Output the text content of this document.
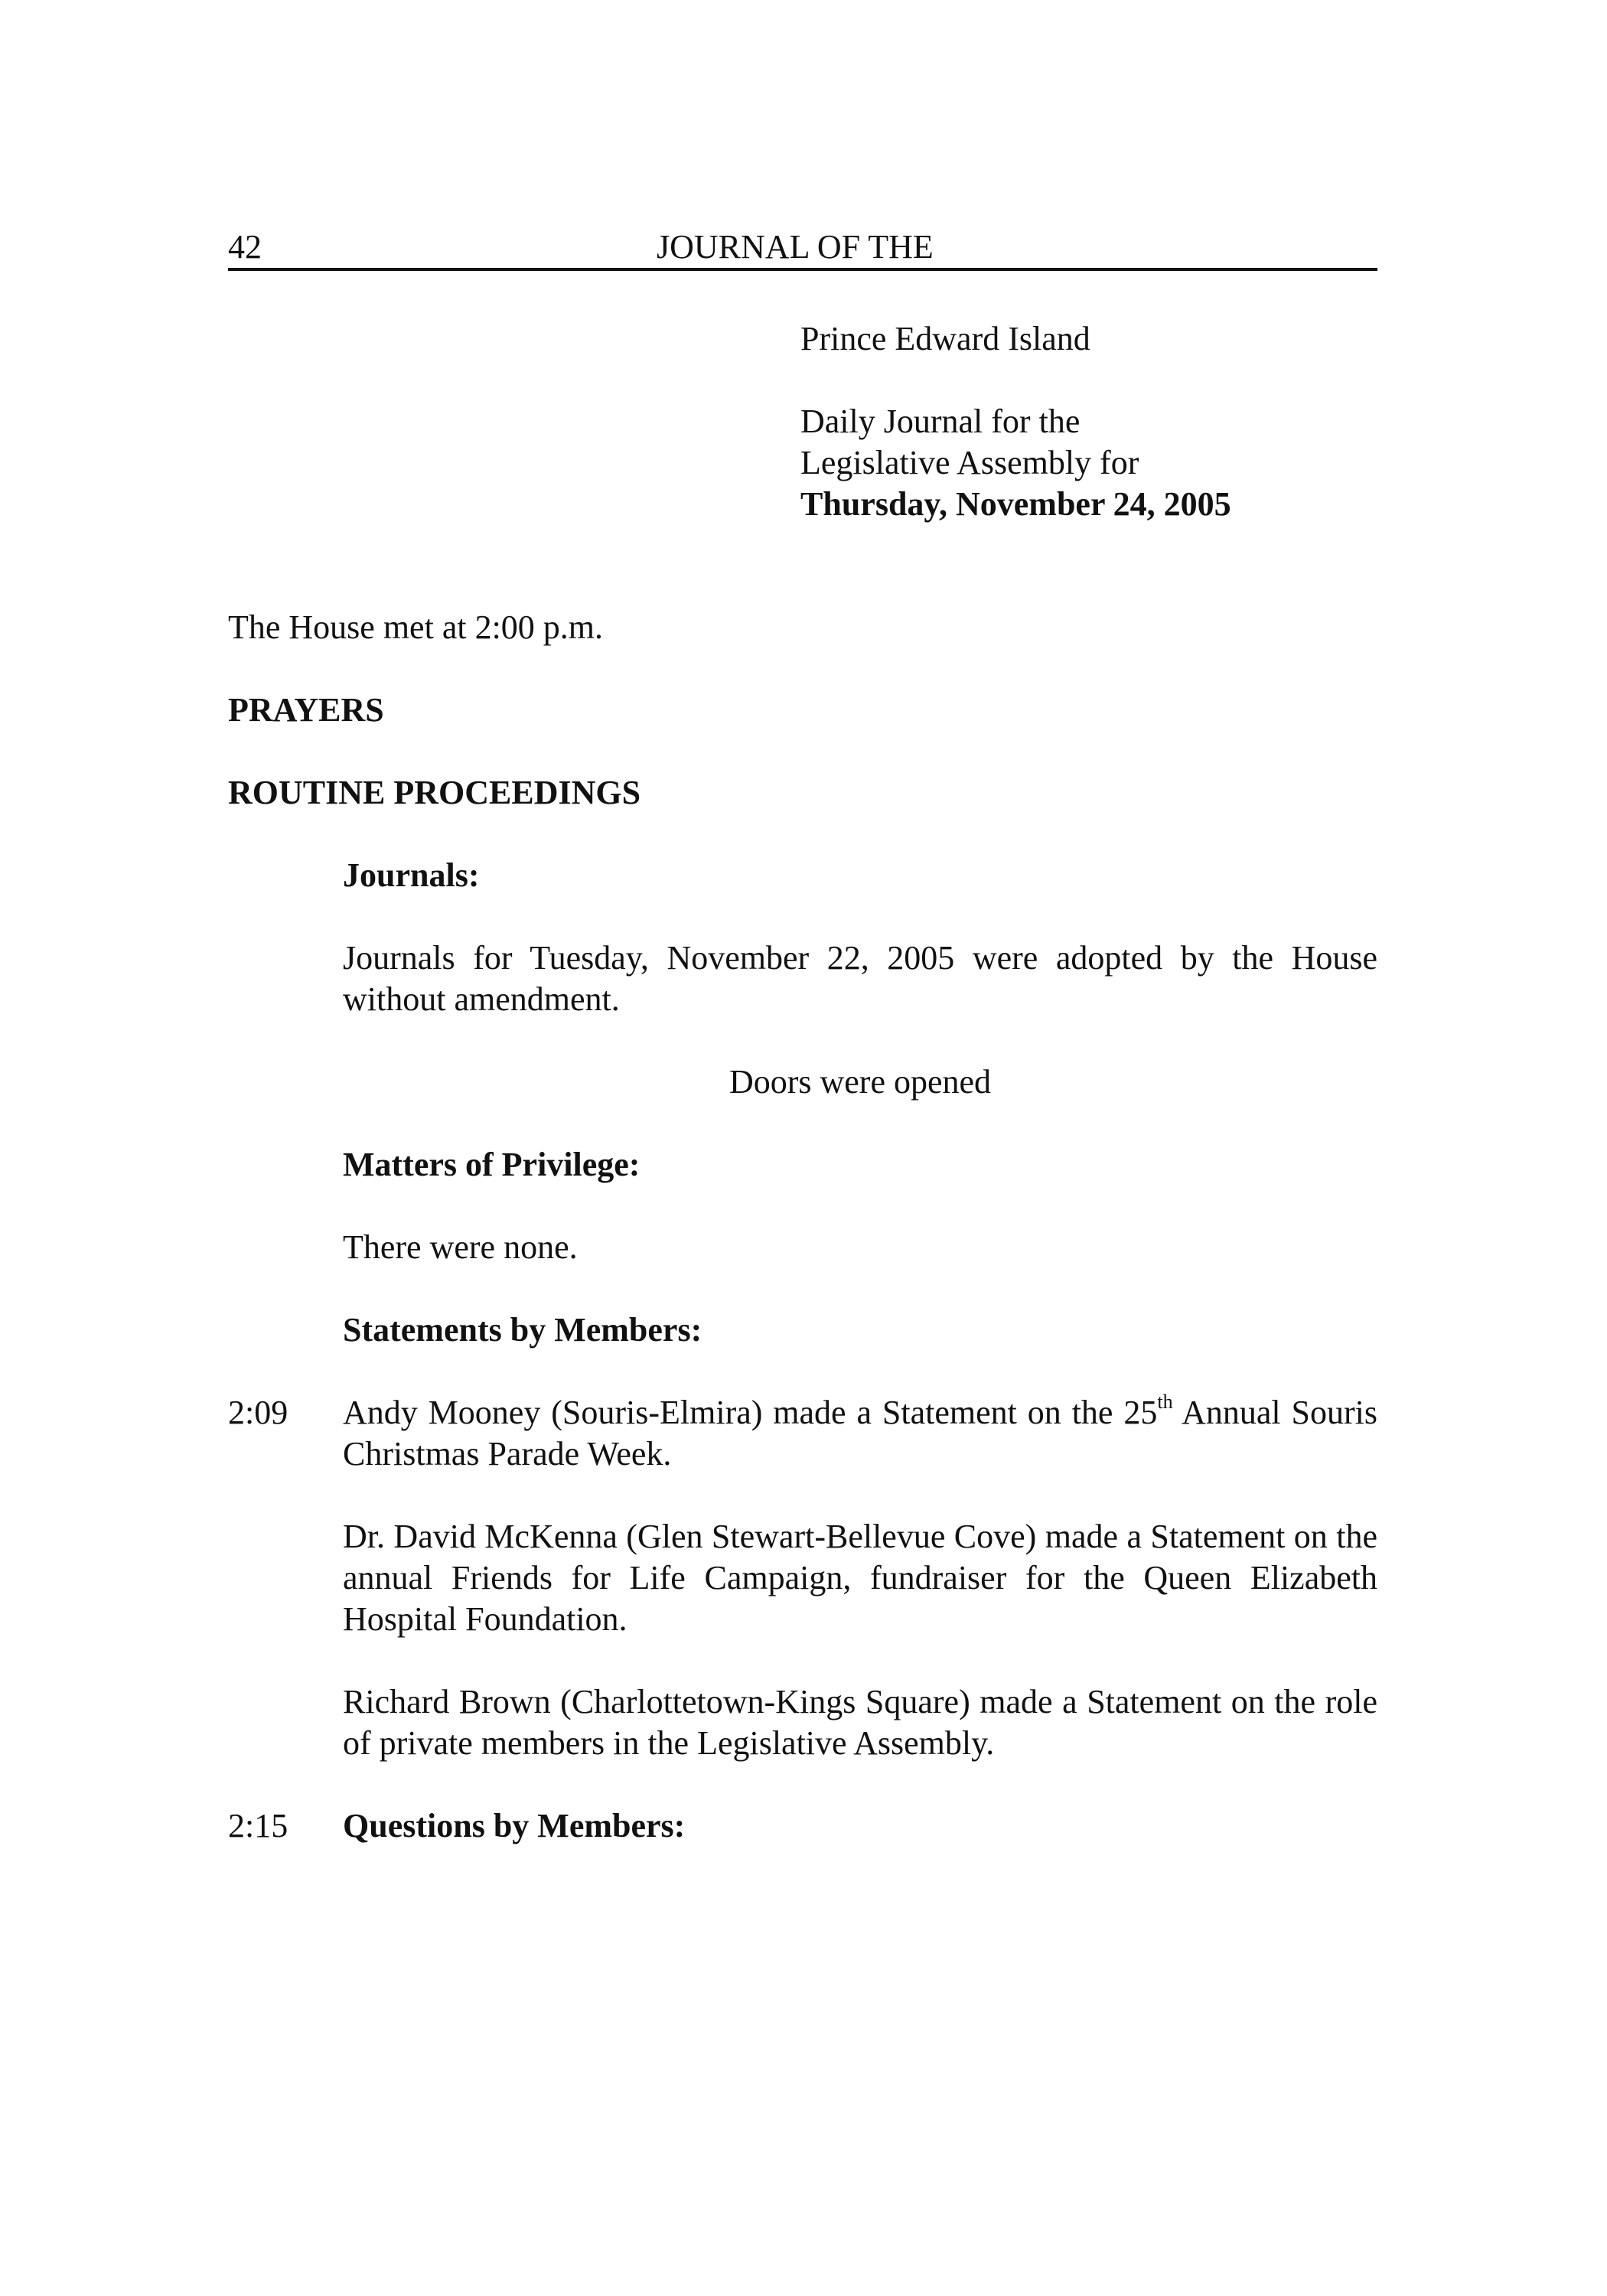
42	JOURNAL OF THE

Prince Edward Island

Daily Journal for the

Legislative Assembly for

Thursday, November 24, 2005

The House met at 2:00 p.m.

PRAYERS

ROUTINE PROCEEDINGS

Journals:

Journals for Tuesday, November 22, 2005 were adopted by the House without amendment.

Doors were opened

Matters of Privilege:

There were none.

Statements by Members:

2:09	Andy Mooney (Souris-Elmira) made a Statement on the 25th Annual Souris Christmas Parade Week.

Dr. David McKenna (Glen Stewart-Bellevue Cove) made a Statement on the annual Friends for Life Campaign, fundraiser for the Queen Elizabeth Hospital Foundation.

Richard Brown (Charlottetown-Kings Square) made a Statement on the role of private members in the Legislative Assembly.

2:15	Questions by Members:
